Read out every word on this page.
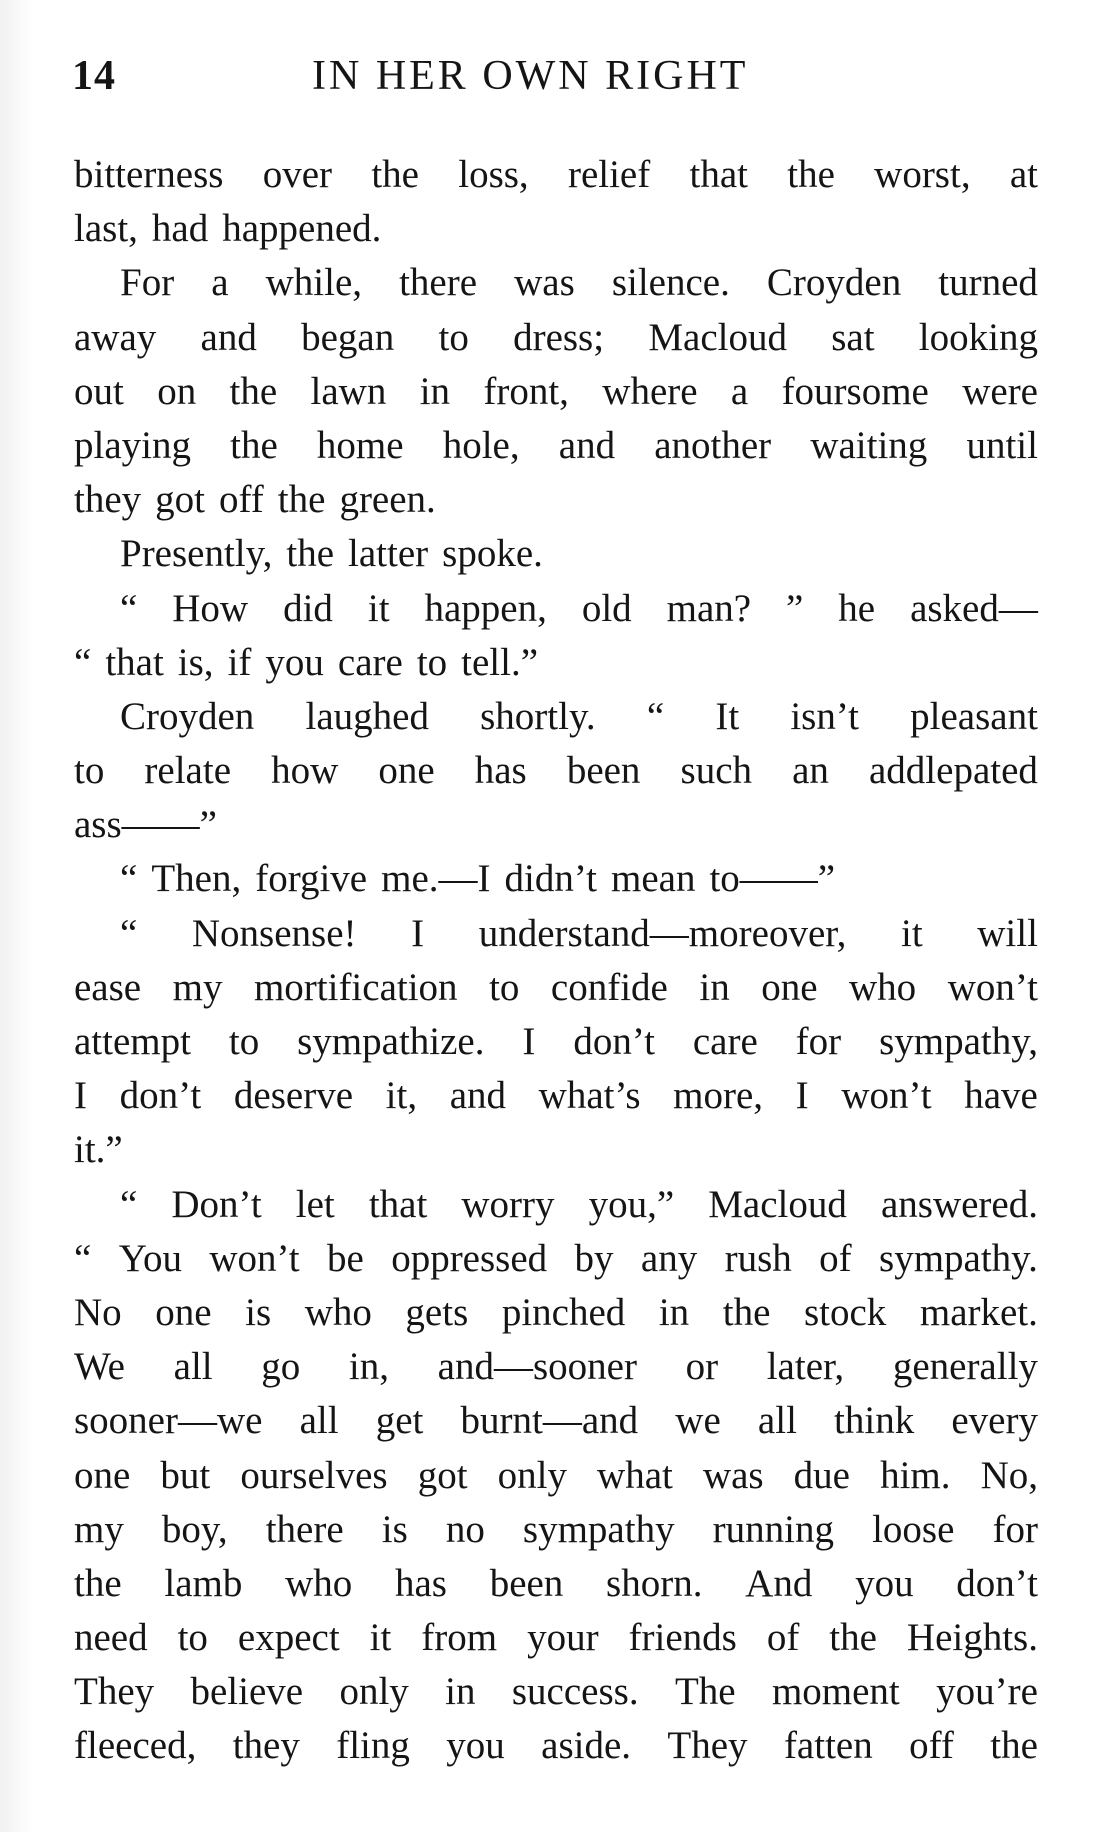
14	IN HER OWN RIGHT
bitterness over the loss, relief that the worst, at
last, had happened.
For a while, there was silence. Croyden turned
away and began to dress; Macloud sat looking
out on the lawn in front, where a foursome were
playing the home hole, and another waiting until
they got off the green.
Presently, the latter spoke.
“ How did it happen, old man? ” he asked—
“ that is, if you care to tell.”
Croyden laughed shortly. “ It isn’t pleasant
to relate how one has been such an addlepated
ass——”
“ Then, forgive me.—I didn’t mean to——”
“ Nonsense! I understand—moreover, it will
ease my mortification to confide in one who won’t
attempt to sympathize. I don’t care for sympathy,
I don’t deserve it, and what’s more, I won’t have
it.”
“ Don’t let that worry you,” Macloud answered.
“ You won’t be oppressed by any rush of sympathy.
No one is who gets pinched in the stock market.
We all go in, and—sooner or later, generally
sooner—we all get burnt—and we all think every
one but ourselves got only what was due him. No,
my boy, there is no sympathy running loose for
the lamb who has been shorn. And you don’t
need to expect it from your friends of the Heights.
They believe only in success. The moment you’re
fleeced, they fling you aside. They fatten off the
